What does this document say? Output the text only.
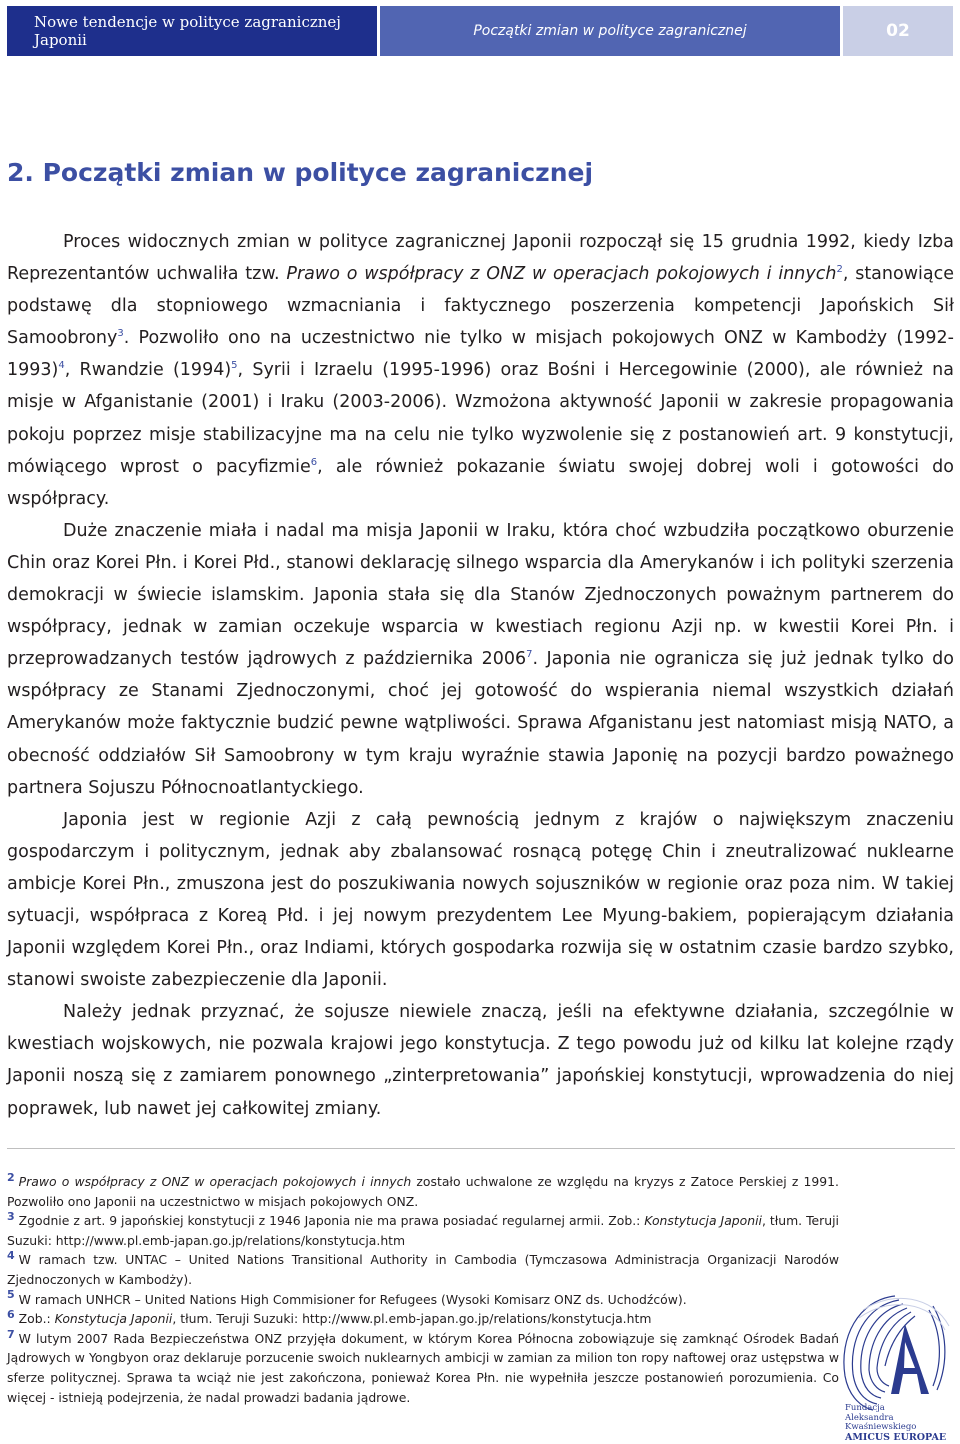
Nowe tendencje w polityce zagranicznej Japonii	Początki zmian w polityce zagranicznej	02
2. Początki zmian w polityce zagranicznej

Proces widocznych zmian w polityce zagranicznej Japonii rozpoczął się 15 grudnia 1992, kiedy Izba Reprezentantów uchwaliła tzw. Prawo o współpracy z ONZ w operacjach pokojowych i innych$^2$, stanowiące podstawę dla stopniowego wzmacniania i faktycznego poszerzenia kompetencji Japońskich Sił Samoobrony$^3$. Pozwoliło ono na uczestnictwo nie tylko w misjach pokojowych ONZ w Kambodży (1992-1993)$^4$, Rwandzie $(1994)^5$, Syrii i Izraelu (1995-1996) oraz Bośni i Hercegowinie (2000), ale również na misje w Afganistanie (2001) i Iraku (2003-2006). Wzmożona aktywność Japonii w zakresie propagowania pokoju poprzez misje stabilizacyjne ma na celu nie tylko wyzwolenie się z postanowień art. 9 konstytucji, mówiącego wprost o pacyfizmie$^6$, ale również pokazanie światu swojej dobrej woli i gotowości do współpracy.

Duże znaczenie miała i nadal ma misja Japonii w Iraku, która choć wzbudziła początkowo oburzenie Chin oraz Korei Płn. i Korei Płd., stanowi deklarację silnego wsparcia dla Amerykanów i ich polityki szerzenia demokracji w świecie islamskim. Japonia stała się dla Stanów Zjednoczonych poważnym partnerem do współpracy, jednak w zamian oczekuje wsparcia w kwestiach regionu Azji np. w kwestii Korei Płn. i przeprowadzanych testów jądrowych z października 2006$^7$. Japonia nie ogranicza się już jednak tylko do współpracy ze Stanami Zjednoczonymi, choć jej gotowość do wspierania niemal wszystkich działań Amerykanów może faktycznie budzić pewne wątpliwości. Sprawa Afganistanu jest natomiast misją NATO, a obecność oddziałów Sił Samoobrony w tym kraju wyraźnie stawia Japonię na pozycji bardzo poważnego partnera Sojuszu Północnoatlantyckiego.

Japonia jest w regionie Azji z całą pewnością jednym z krajów o największym znaczeniu gospodarczym i politycznym, jednak aby zbalansować rosnącą potęgę Chin i zneutralizować nuklearne ambicje Korei Płn., zmuszona jest do poszukiwania nowych sojuszników w regionie oraz poza nim. W takiej sytuacji, współpraca z Koreą Płd. i jej nowym prezydentem Lee Myung-bakiem, popierającym działania Japonii względem Korei Płn., oraz Indiami, których gospodarka rozwija się w ostatnim czasie bardzo szybko, stanowi swoiste zabezpieczenie dla Japonii.

Należy jednak przyznać, że sojusze niewiele znaczą, jeśli na efektywne działania, szczególnie w kwestiach wojskowych, nie pozwala krajowi jego konstytucja. Z tego powodu już od kilku lat kolejne rządy Japonii noszą się z zamiarem ponownego „zinterpretowania” japońskiej konstytucji, wprowadzenia do niej poprawek, lub nawet jej całkowitej zmiany.

2 Prawo o współpracy z ONZ w operacjach pokojowych i innych zostało uchwalone ze względu na kryzys z Zatoce Perskiej z 1991. Pozwoliło ono Japonii na uczestnictwo w misjach pokojowych ONZ.

3 Zgodnie z art. 9 japońskiej konstytucji z 1946 Japonia nie ma prawa posiadać regularnej armii. Zob.: Konstytucja Japonii, tłum. Teruji Suzuki: http://www.pl.emb-japan.go.jp/relations/konstytucja.htm

4 W ramach tzw. UNTAC – United Nations Transitional Authority in Cambodia (Tymczasowa Administracja Organizacji Narodów Zjednoczonych w Kambodży).

5 W ramach UNHCR – United Nations High Commisioner for Refugees (Wysoki Komisarz ONZ ds. Uchodźców).

6 Zob.: Konstytucja Japonii, tłum. Teruji Suzuki: http://www.pl.emb-japan.go.jp/relations/konstytucja.htm

7 W lutym 2007 Rada Bezpieczeństwa ONZ przyjęła dokument, w którym Korea Północna zobowiązuje się zamknąć Ośrodek Badań Jądrowych w Yongbyon oraz deklaruje porzucenie swoich nuklearnych ambicji w zamian za milion ton ropy naftowej oraz ustępstwa w sferze politycznej. Sprawa ta wciąż nie jest zakończona, ponieważ Korea Płn. nie wypełniła jeszcze postanowień porozumienia. Co więcej - istnieją podejrzenia, że nadal prowadzi badania jądrowe.

Fundacja
Aleksandra Kwaśniewskiego
AMICUS EUROPAE
